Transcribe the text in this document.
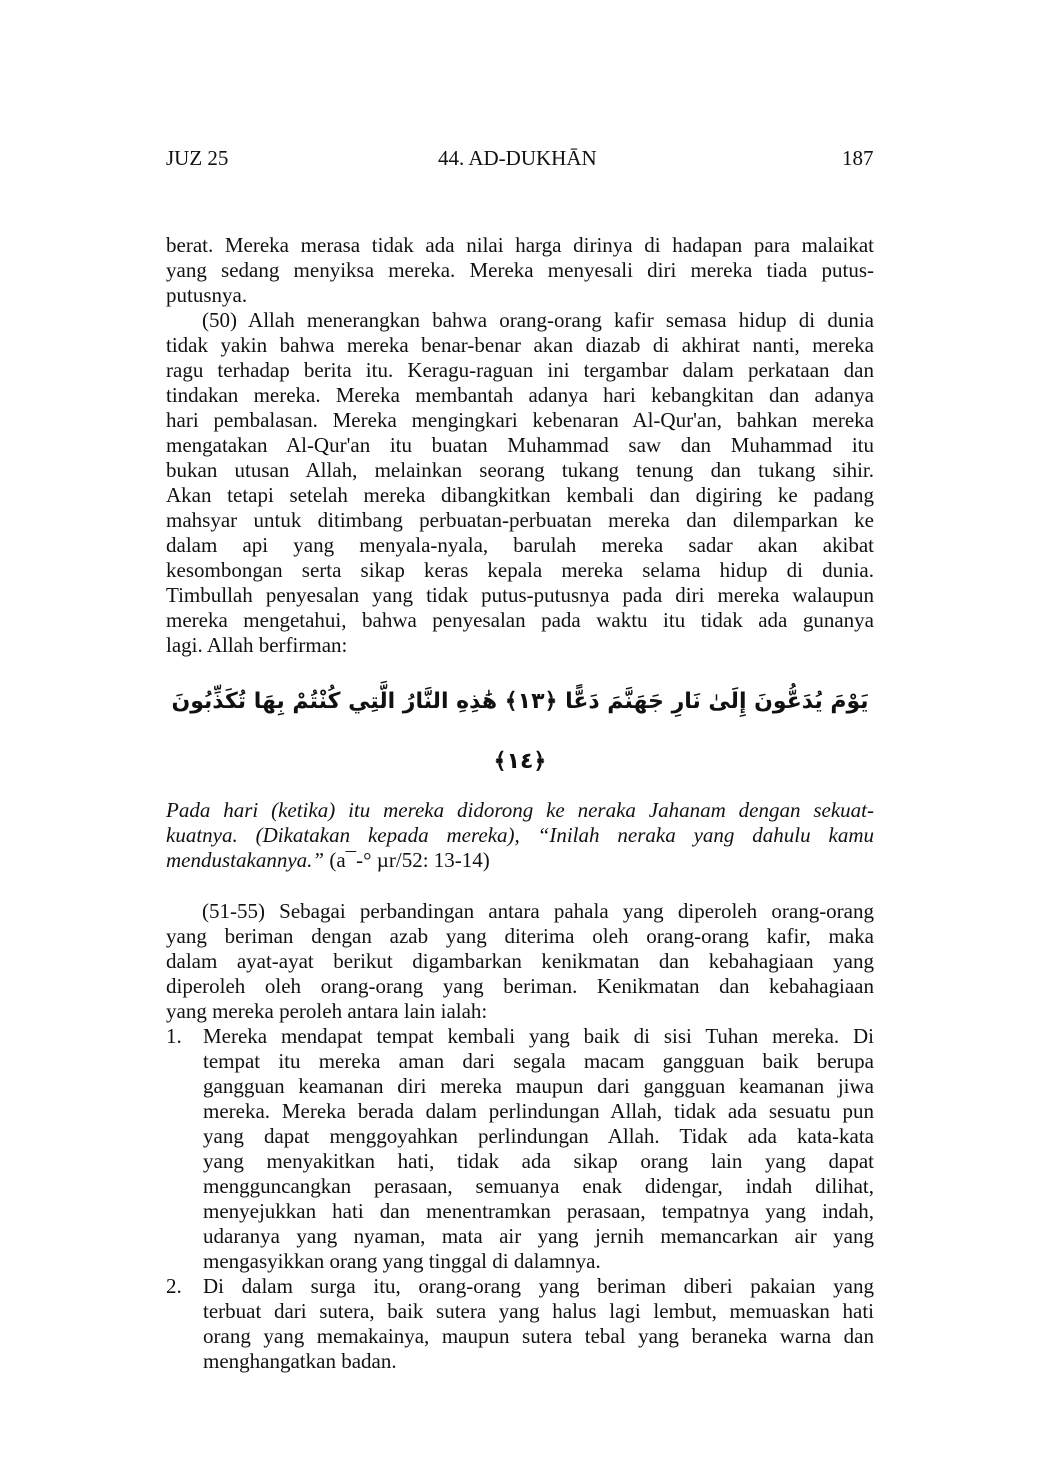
JUZ 25	44. AD-DUKHĀN	187
berat. Mereka merasa tidak ada nilai harga dirinya di hadapan para malaikat
yang sedang menyiksa mereka. Mereka menyesali diri mereka tiada putus-
putusnya.
(50) Allah menerangkan bahwa orang-orang kafir semasa hidup di dunia
tidak yakin bahwa mereka benar-benar akan diazab di akhirat nanti, mereka
ragu terhadap berita itu. Keragu-raguan ini tergambar dalam perkataan dan
tindakan mereka. Mereka membantah adanya hari kebangkitan dan adanya
hari pembalasan. Mereka mengingkari kebenaran Al-Qur'an, bahkan mereka
mengatakan Al-Qur'an itu buatan Muhammad saw dan Muhammad itu
bukan utusan Allah, melainkan seorang tukang tenung dan tukang sihir.
Akan tetapi setelah mereka dibangkitkan kembali dan digiring ke padang
mahsyar untuk ditimbang perbuatan-perbuatan mereka dan dilemparkan ke
dalam api yang menyala-nyala, barulah mereka sadar akan akibat
kesombongan serta sikap keras kepala mereka selama hidup di dunia.
Timbullah penyesalan yang tidak putus-putusnya pada diri mereka walaupun
mereka mengetahui, bahwa penyesalan pada waktu itu tidak ada gunanya
lagi. Allah berfirman:
يَوْمَ يُدَعُّونَ إِلَىٰ نَارِ جَهَنَّمَ دَعًّا ﴿١٣﴾ هَٰذِهِ النَّارُ الَّتِي كُنْتُمْ بِهَا تُكَذِّبُونَ ﴿١٤﴾
Pada hari (ketika) itu mereka didorong ke neraka Jahanam dengan sekuat-
kuatnya. (Dikatakan kepada mereka), “Inilah neraka yang dahulu kamu
mendustakannya.” (a¯-° µr/52: 13-14)
(51-55) Sebagai perbandingan antara pahala yang diperoleh orang-orang
yang beriman dengan azab yang diterima oleh orang-orang kafir, maka
dalam ayat-ayat berikut digambarkan kenikmatan dan kebahagiaan yang
diperoleh oleh orang-orang yang beriman. Kenikmatan dan kebahagiaan
yang mereka peroleh antara lain ialah:
1. Mereka mendapat tempat kembali yang baik di sisi Tuhan mereka. Di
tempat itu mereka aman dari segala macam gangguan baik berupa
gangguan keamanan diri mereka maupun dari gangguan keamanan jiwa
mereka. Mereka berada dalam perlindungan Allah, tidak ada sesuatu pun
yang dapat menggoyahkan perlindungan Allah. Tidak ada kata-kata
yang menyakitkan hati, tidak ada sikap orang lain yang dapat
mengguncangkan perasaan, semuanya enak didengar, indah dilihat,
menyejukkan hati dan menentramkan perasaan, tempatnya yang indah,
udaranya yang nyaman, mata air yang jernih memancarkan air yang
mengasyikkan orang yang tinggal di dalamnya.
2. Di dalam surga itu, orang-orang yang beriman diberi pakaian yang
terbuat dari sutera, baik sutera yang halus lagi lembut, memuaskan hati
orang yang memakainya, maupun sutera tebal yang beraneka warna dan
menghangatkan badan.
